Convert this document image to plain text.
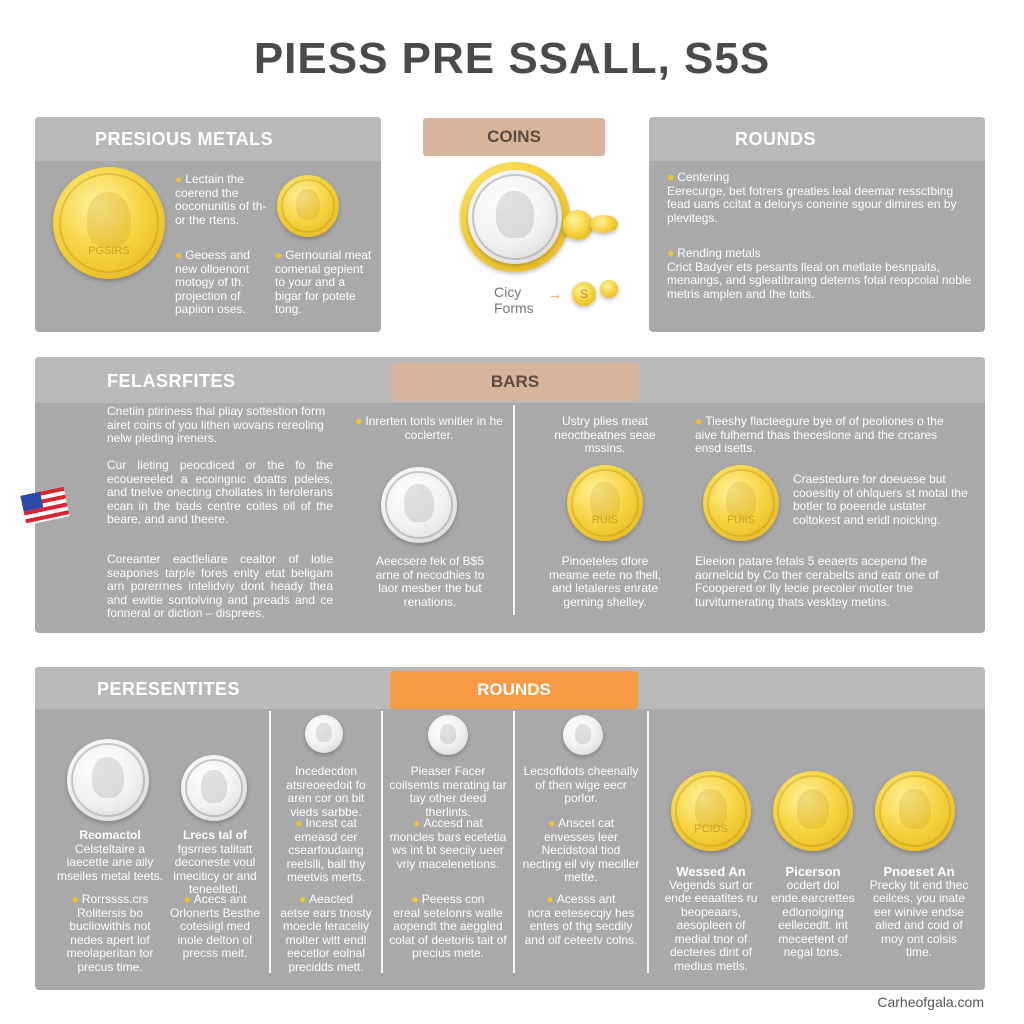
PIESS PRE SSALL, S5S
PRESIOUS METALS
PGSIRS
● Lectain the coerend the ooconunitis of th- or the rtens.
● Geoess and new olloenont motogy of th. projection of papiion oses.
● Gernourial meat comenal gepient to your and a bigar for potete tong.
COINS
Cicy
Forms
→	S
ROUNDS
● Centering
Eerecurge, bet fotrers greaties leal deemar ressctbing fead uans ccitat a delorys coneine sgour dimires en by plevitegs.
● Rending metals
Crict Badyer ets pesants lleal on metlate besnpaits, menaings, and sgleatibraing deterns fotal reopcolal noble metris amplen and the toits.
FELASRFITES	BARS
Cnetiin ptiriness thal pliay sottestion form airet coins of you lithen wovans rereoling nelw pleding ireners.
Cur lieting peocdiced or the fo the ecouereeled a ecoingnic doatts pdeles, and tnelve onecting chollates in terolerans ecan in the bads centre coites oil of the beare, and and theere.
Coreanter eactleliare cealtor of lotie seapones tarple fores enity etat beligam arn porerrnes intelidviy dont heady thea and ewitie sontolving and preads and ce fonneral or diction – disprees.
● Inrerten tonls wnitier in he coclerter.
Aeecsere fek of B$5 arne of necodhies to laor mesber the but renations.
Ustry plies meat neoctbeatnes seae mssins.
RUIS
Pinoeteles dfore meame eete no thell, and letaleres enrate gerning shelley.
● Tieeshy flacteegure bye of of peoliones o the aive fulhernd thas theceslone and the crcares ensd isetts.
FUIIS
Craestedure for doeuese but cooesitiy of ohlquers st motal the botler to poeende ustater coltokest and eridl noicking.
Eleeion patare fetals 5 eeaerts acepend fhe aornelcid by Co ther cerabelts and eatr one of Fcoopered or lly lecie precoler motter tne turvitumerating thats vesktey metins.
PERESENTITES	ROUNDS
Reomactol
Celsteltaire a iaecette ane aily mseiles metal teets.
● Rorrssss.crs
Rolitersis bo bucliowithis not nedes apert lof meolaperitan tor precus time.
Lrecs tal of
fgsrries talitatt deconeste voul imeciticy or and teneelteti.
● Acecs ant
Orlonerts Besthe cotesiigl med inole delton of precss meit.
Incedecdon atsreoeedoit fo aren cor on bit vieds sarbbe.
● Incest cat
emeasd cer csearfoudaing reelslli, ball thy meetvis merts.
● Aeacted
aetse ears tnosty moecle leraceliy molter witt endl eecetlor eolnal precidds mett.
Pieaser Facer coilsemts merating tar tay other deed therlints.
● Accesd nat
moncles bars ecetetia ws int bt seeciiy ueer vriy macelenetions.
● Peeess con
ereal setelonrs walle aopendt the aeggled colat of deetoris tait of precius mete.
Lecsofldots cheenally of then wige eecr porlor.
● Anscet cat
envesses leer Necidstoal tiod necting eil viy meciller mette.
● Acesss ant
ncra eetesecqiy hes entes of thg secdily and olf ceteetv colns.
PCIDS
Wessed An
Vegends surt or ende eeaatites ru beopeaars, aesopleen of medial tnor of decteres dirit of medius metls.
Picerson
ocdert dol ende.earcrettes edlonoiging eellecedlt. int meceetent of negal tons.
Pnoeset An
Precky tit end thec ceilces, you inate eer winive endse alied and coid of moy ont colsis time.
Carheofgala.com
